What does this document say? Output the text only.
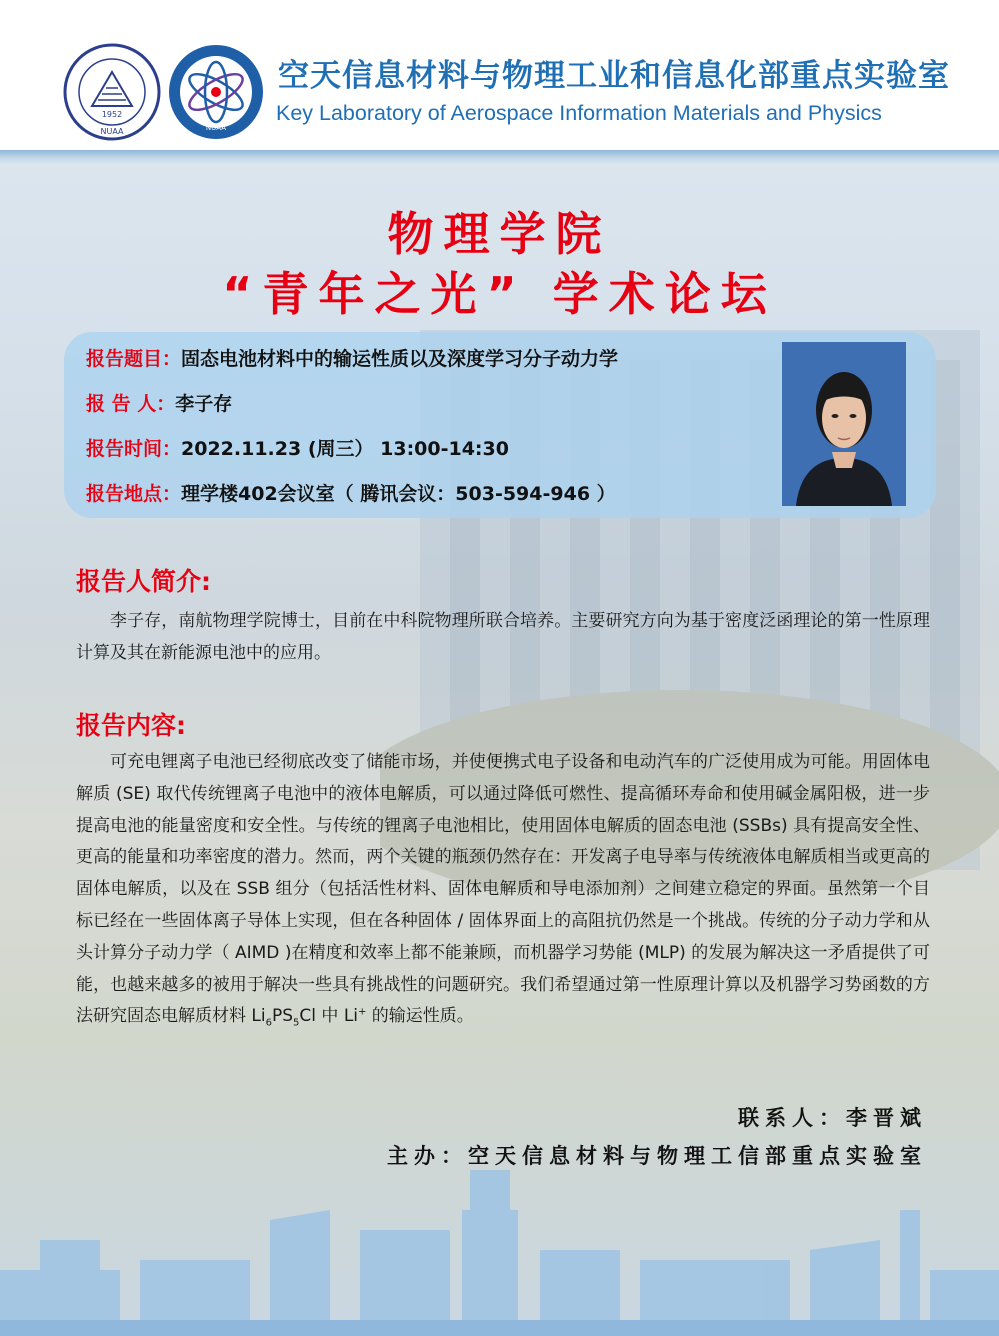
1952
NUAA	NUAA
空天信息材料与物理工业和信息化部重点实验室
Key Laboratory of Aerospace Information Materials and Physics
物理学院
“青年之光” 学术论坛
报告题目：固态电池材料中的输运性质以及深度学习分子动力学
报 告 人：李子存
报告时间：2022.11.23 (周三） 13:00-14:30
报告地点：理学楼402会议室（ 腾讯会议：503-594-946 ）
报告人简介:

李子存，南航物理学院博士，目前在中科院物理所联合培养。主要研究方向为基于密度泛函理论的第一性原理计算及其在新能源电池中的应用。

报告内容:

可充电锂离子电池已经彻底改变了储能市场，并使便携式电子设备和电动汽车的广泛使用成为可能。用固体电解质 (SE) 取代传统锂离子电池中的液体电解质，可以通过降低可燃性、提高循环寿命和使用碱金属阳极，进一步提高电池的能量密度和安全性。与传统的锂离子电池相比，使用固体电解质的固态电池 (SSBs) 具有提高安全性、更高的能量和功率密度的潜力。然而，两个关键的瓶颈仍然存在：开发离子电导率与传统液体电解质相当或更高的固体电解质，以及在 SSB 组分（包括活性材料、固体电解质和导电添加剂）之间建立稳定的界面。虽然第一个目标已经在一些固体离子导体上实现，但在各种固体 / 固体界面上的高阻抗仍然是一个挑战。传统的分子动力学和从头计算分子动力学（ AIMD )在精度和效率上都不能兼顾，而机器学习势能 (MLP) 的发展为解决这一矛盾提供了可能，也越来越多的被用于解决一些具有挑战性的问题研究。我们希望通过第一性原理计算以及机器学习势函数的方法研究固态电解质材料 $Li_6PS_5Cl$ 中 Li+ 的输运性质。

联系人：李晋斌
主办：空天信息材料与物理工信部重点实验室
